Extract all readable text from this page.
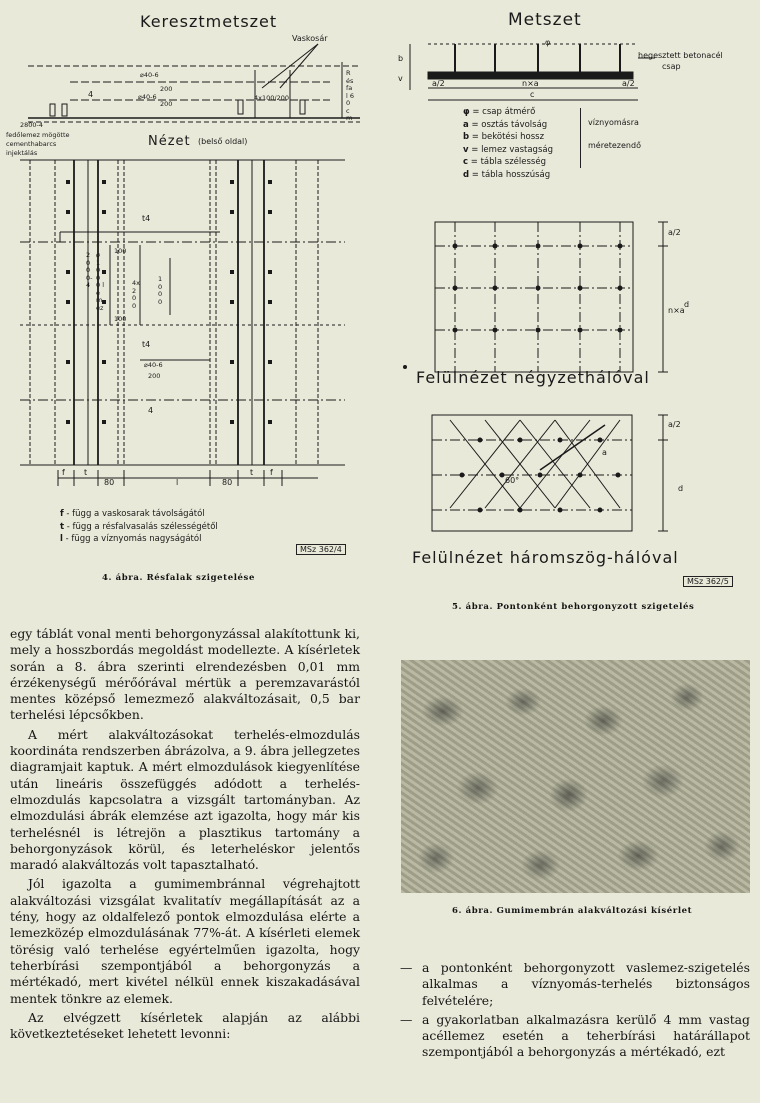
Keresztmetszet
Vaskosár
⌀40-6
200
⌀40-6
200
4	4x100/200
Résfal 60 cm
2800-4
fedőlemez mögötte
cementhabarcs
injektálás
Nézet (belső oldal)
t4
t4
2000-4
ø 1000 lemez
100
100
4x200
1000
⌀40-6
200
4
f t
80	l	80
t f
f - függ a vaskosarak távolságától
t - függ a résfalvasalás szélességétől
l - függ a víznyomás nagyságától
MSz 362/4
4. ábra. Résfalak szigetelése
Metszet
φ
hegesztett betonacél
csap
b
v
a/2	n×a	a/2
c
φ = csap átmérő
a = osztás távolság
b = bekötési hossz
v = lemez vastagság
c = tábla szélesség
d = tábla hosszúság
víznyomásra
méretezendő
a/2
n×a
d
Felülnézet négyzethálóval
a/2
d
a
60°
Felülnézet háromszög-hálóval
MSz 362/5
5. ábra. Pontonként behorgonyzott szigetelés
6. ábra. Gumimembrán alakváltozási kísérlet

egy táblát vonal menti behorgonyzással alakítottunk ki, mely a hosszbordás megoldást modellezte. A kísérletek során a 8. ábra szerinti elrendezésben 0,01 mm érzékenységű mérőórával mértük a peremzavarástól mentes középső lemezmező alakváltozásait, 0,5 bar terhelési lépcsőkben.

A mért alakváltozásokat terhelés-elmozdulás koordináta rendszerben ábrázolva, a 9. ábra jellegzetes diagramjait kaptuk. A mért elmozdulások kiegyenlítése után lineáris összefüggés adódott a terhelés-elmozdulás kapcsolatra a vizsgált tartományban. Az elmozdulási ábrák elemzése azt igazolta, hogy már kis terhelésnél is létrejön a plasztikus tartomány a behorgonyzások körül, és leterheléskor jelentős maradó alakváltozás volt tapasztalható.

Jól igazolta a gumimembránnal végrehajtott alakváltozási vizsgálat kvalitatív megállapítását az a tény, hogy az oldalfelező pontok elmozdulása elérte a lemezközép elmozdulásának 77%-át. A kísérleti elemek törésig való terhelése egyértelműen igazolta, hogy teherbírási szempontjából a behorgonyzás a mértékadó, mert kivétel nélkül ennek kiszakadásával mentek tönkre az elemek.

Az elvégzett kísérletek alapján az alábbi következtetéseket lehetett levonni:

— a pontonként behorgonyzott vaslemez-szigetelés alkalmas a víznyomás-terhelés biztonságos felvételére;
— a gyakorlatban alkalmazásra kerülő 4 mm vastag acéllemez esetén a teherbírási határállapot szempontjából a behorgonyzás a mértékadó, ezt
